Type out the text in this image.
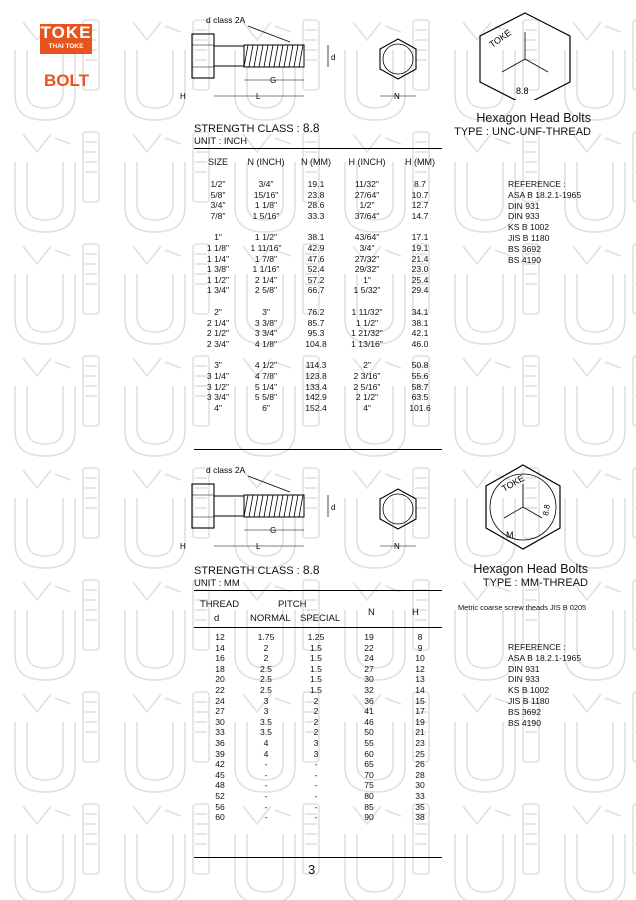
TOKE
THAI TOKE
BOLT
d class 2A
d
G
L
H	N
TOKE
8.8
STRENGTH CLASS : 8.8
UNIT : INCH
Hexagon Head Bolts
TYPE : UNC-UNF-THREAD
SIZE	N (INCH)	N (MM)	H (INCH)	H (MM)

1/2"	3/4"	19.1	11/32"	8.7
5/8"	15/16"	23.8	27/64"	10.7
3/4"	1 1/8"	28.6	1/2"	12.7
7/8"	1 5/16"	33.3	37/64"	14.7

1"	1 1/2"	38.1	43/64"	17.1
1 1/8"	1 11/16"	42.9	3/4"	19.1
1 1/4"	1 7/8"	47.6	27/32"	21.4
1 3/8"	1 1/16"	52.4	29/32"	23.0
1 1/2"	2 1/4"	57.2	1"	25.4
1 3/4"	2 5/8"	66.7	1 5/32"	29.4

2"	3"	76.2	1 11/32"	34.1
2 1/4"	3 3/8"	85.7	1 1/2"	38.1
2 1/2"	3 3/4"	95.3	1 21/32"	42.1
2 3/4"	4 1/8"	104.8	1 13/16"	46.0

3"	4 1/2"	114.3	2"	50.8
3 1/4"	4 7/8"	123.8	2 3/16"	55.6
3 1/2"	5 1/4"	133.4	2 5/16"	58.7
3 3/4"	5 5/8"	142.9	2 1/2"	63.5
4"	6"	152.4	4"	101.6
REFERENCE :
ASA B 18.2.1-1965
DIN 931
DIN 933
KS B 1002
JIS B 1180
BS 3692
BS 4190
d class 2A
d
G
L
H	N
TOKE
8.8
M
STRENGTH CLASS : 8.8
UNIT : MM
Hexagon Head Bolts
TYPE : MM-THREAD
Metric coarse screw theads JIS B 0205
THREAD
d
PITCH
NORMAL SPECIAL
N	H
12	1.75	1.25	19	8
14	2	1.5	22	9
16	2	1.5	24	10
18	2.5	1.5	27	12
20	2.5	1.5	30	13
22	2.5	1.5	32	14
24	3	2	36	15
27	3	2	41	17
30	3.5	2	46	19
33	3.5	2	50	21
36	4	3	55	23
39	4	3	60	25
42	-	-	65	26
45	-	-	70	28
48	-	-	75	30
52	-	-	80	33
56	-	-	85	35
60	-	-	90	38
REFERENCE :
ASA B 18.2.1-1965
DIN 931
DIN 933
KS B 1002
JIS B 1180
BS 3692
BS 4190
3
